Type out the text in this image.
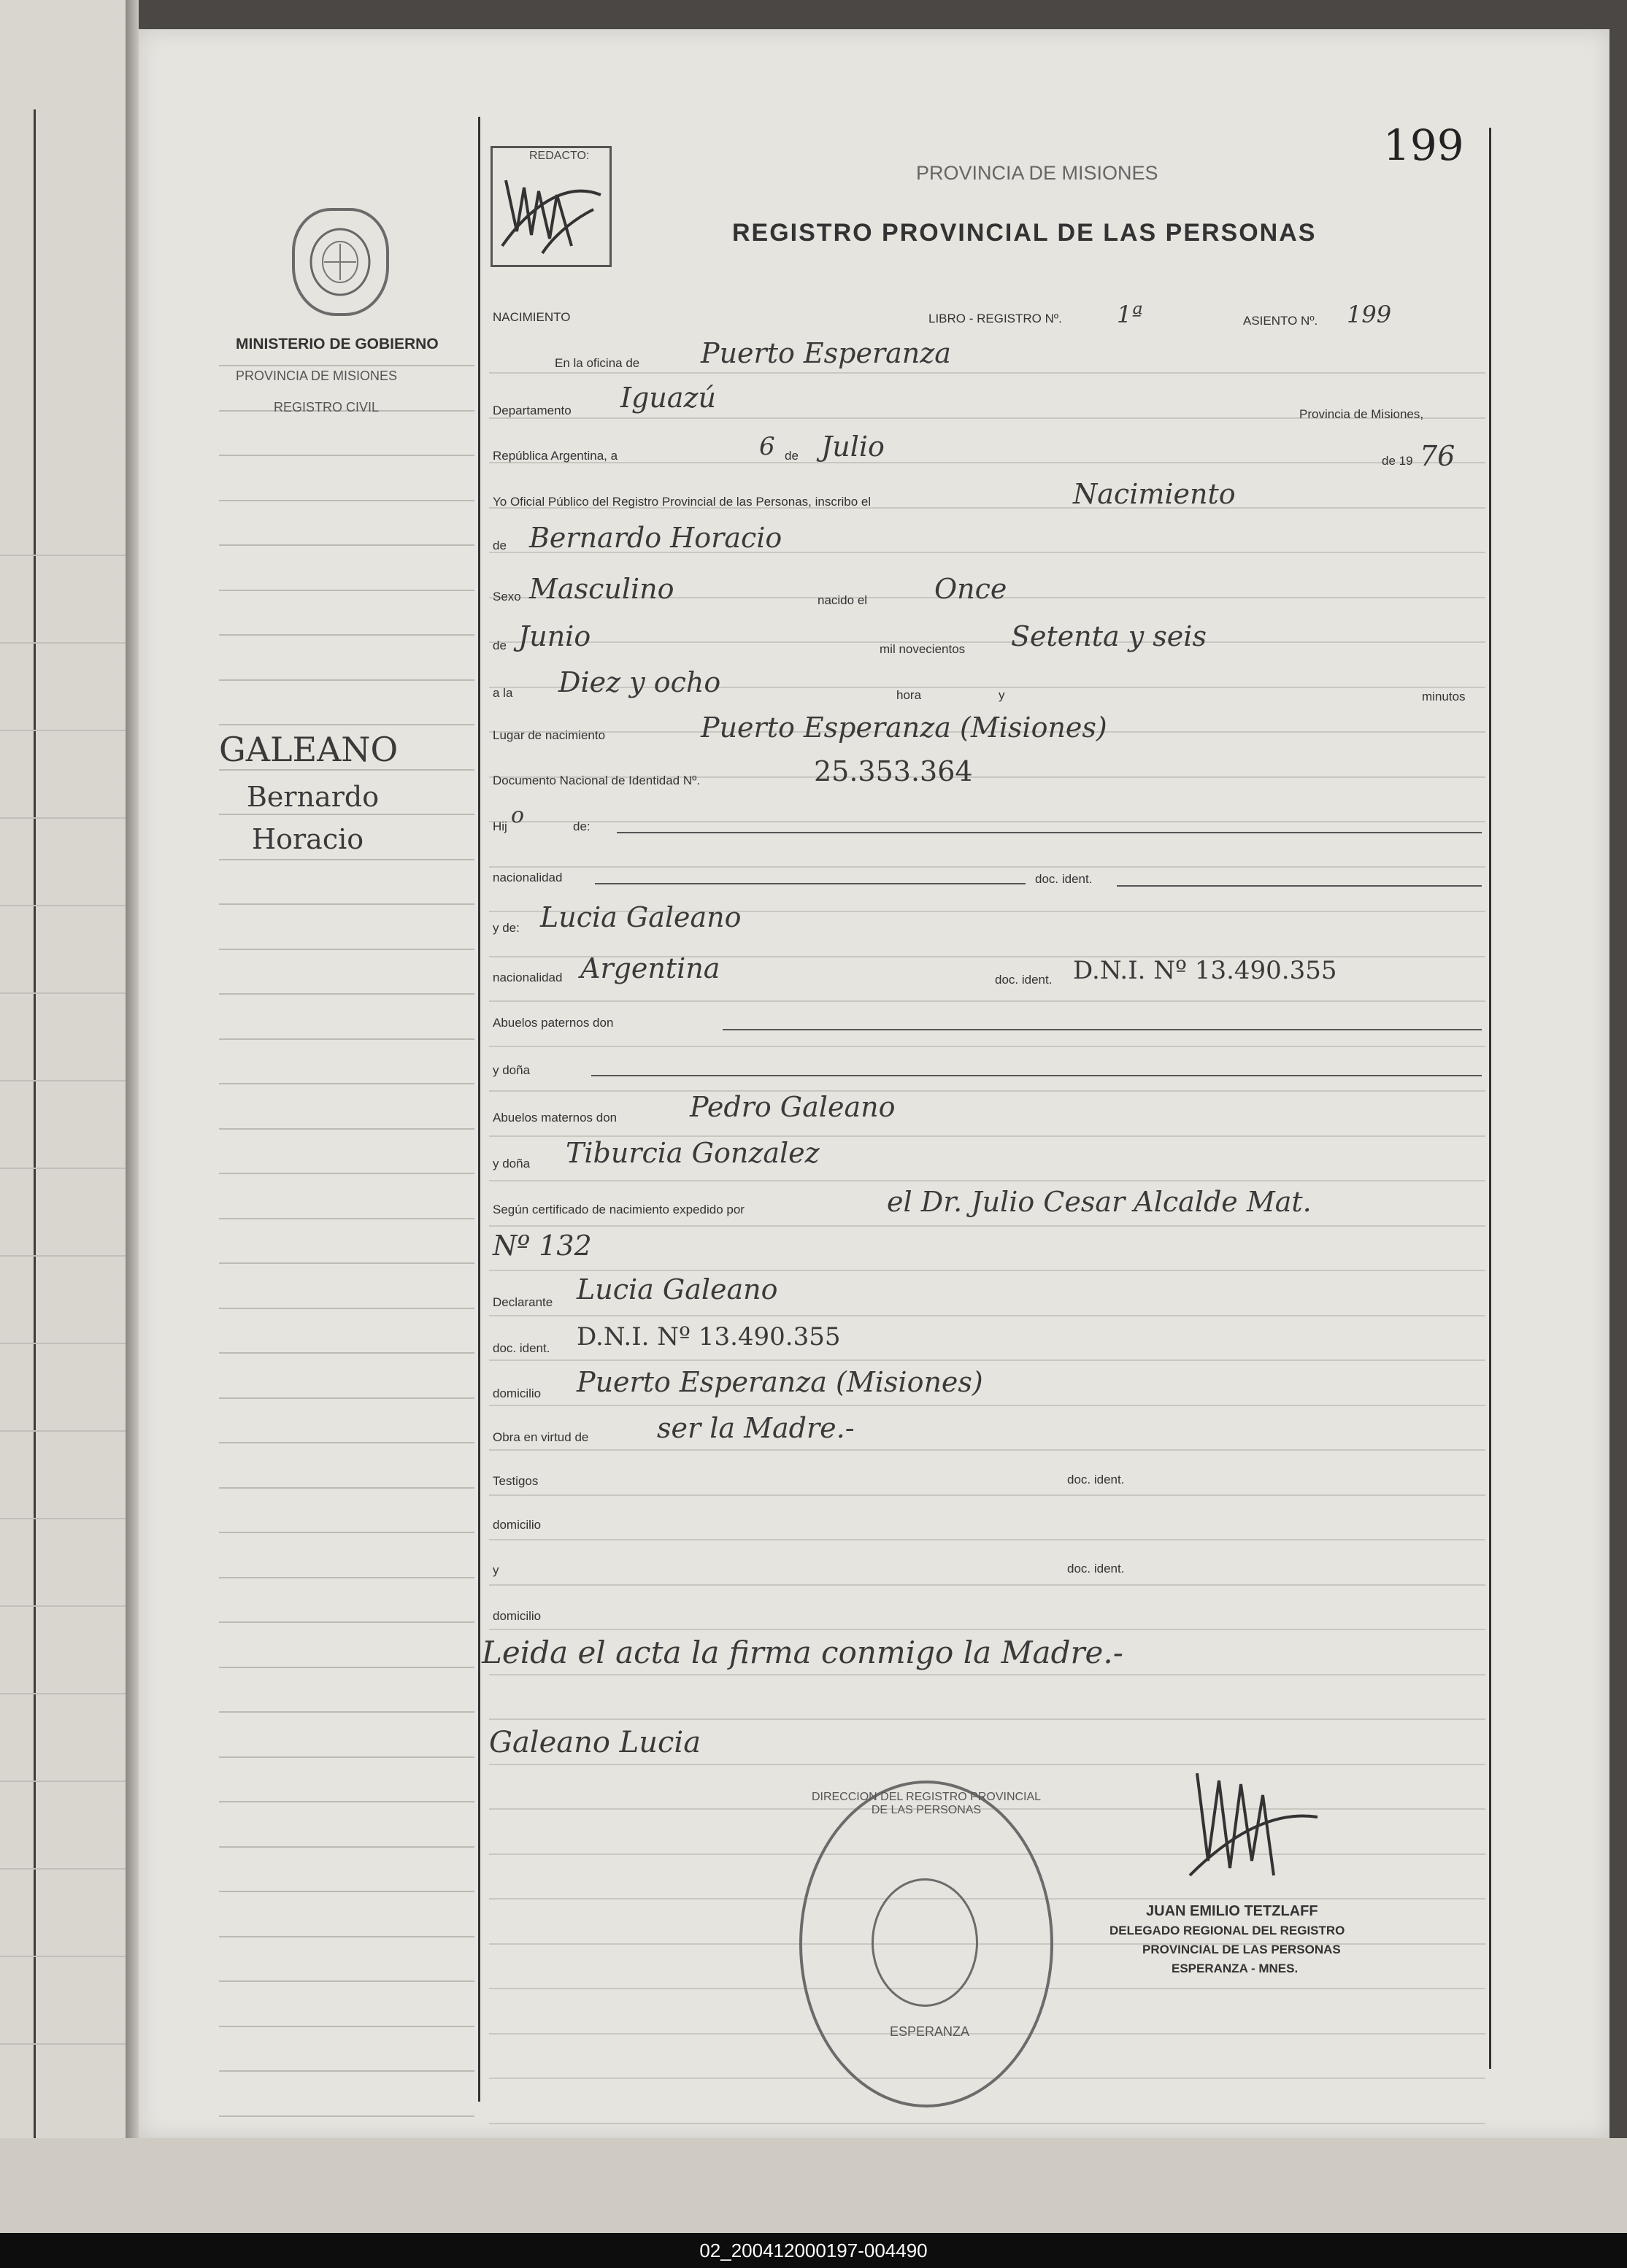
199
REDACTO:
PROVINCIA DE MISIONES
REGISTRO PROVINCIAL DE LAS PERSONAS
MINISTERIO DE GOBIERNO
PROVINCIA DE MISIONES
REGISTRO CIVIL
GALEANO
Bernardo
Horacio
NACIMIENTO	LIBRO - REGISTRO Nº. 1ª	ASIENTO Nº. 199
En la oficina de Puerto Esperanza
Departamento Iguazú
Provincia de Misiones,
República Argentina, a	6 de Julio	de 19 76
Yo Oficial Público del Registro Provincial de las Personas, inscribo el	Nacimiento
de Bernardo Horacio
Sexo Masculino	nacido el Once
de Junio	mil novecientos Setenta y seis
a la Diez y ocho	hora	y	minutos
Lugar de nacimiento	Puerto Esperanza (Misiones)
Documento Nacional de Identidad Nº.	25.353.364
Hij o	de:
nacionalidad	doc. ident.
y de: Lucia Galeano
nacionalidad Argentina	doc. ident. D.N.I. Nº 13.490.355
Abuelos paternos don
y doña
Abuelos maternos don	Pedro Galeano
y doña Tiburcia Gonzalez
Según certificado de nacimiento expedido por	el Dr. Julio Cesar Alcalde Mat.
Nº 132
Declarante Lucia Galeano
doc. ident. D.N.I. Nº 13.490.355
domicilio Puerto Esperanza (Misiones)
Obra en virtud de ser la Madre.-
Testigos	doc. ident.
domicilio
y	doc. ident.
domicilio
Leida el acta la firma conmigo la Madre.-
Galeano Lucia
DIRECCION DEL REGISTRO PROVINCIAL DE LAS PERSONAS
ESPERANZA
JUAN EMILIO TETZLAFF
DELEGADO REGIONAL DEL REGISTRO
PROVINCIAL DE LAS PERSONAS
ESPERANZA - MNES.
02_200412000197-004490
